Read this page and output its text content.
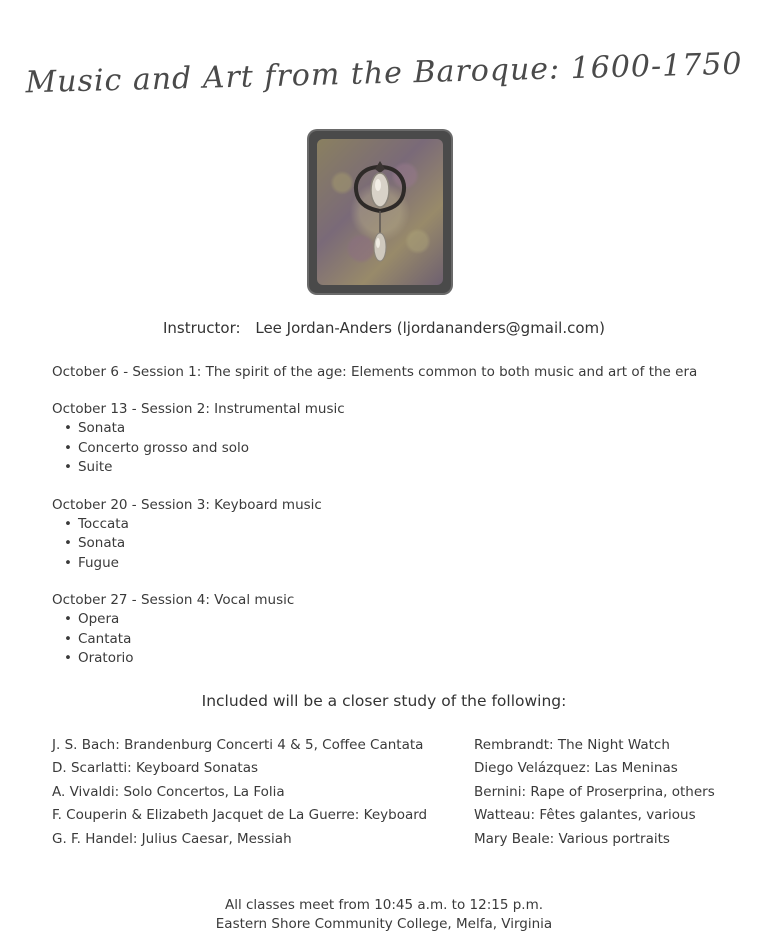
Music and Art from the Baroque: 1600-1750
Instructor: Lee Jordan-Anders (ljordananders@gmail.com)
October 6 - Session 1: The spirit of the age: Elements common to both music and art of the era
October 13 - Session 2: Instrumental music
• Sonata
• Concerto grosso and solo
• Suite
October 20 - Session 3: Keyboard music
• Toccata
• Sonata
• Fugue
October 27 - Session 4: Vocal music
• Opera
• Cantata
• Oratorio
Included will be a closer study of the following:
J. S. Bach: Brandenburg Concerti 4 & 5, Coffee Cantata
D. Scarlatti: Keyboard Sonatas
A. Vivaldi: Solo Concertos, La Folia
F. Couperin & Elizabeth Jacquet de La Guerre: Keyboard
G. F. Handel: Julius Caesar, Messiah
Rembrandt: The Night Watch
Diego Velázquez: Las Meninas
Bernini: Rape of Proserprina, others
Watteau: Fêtes galantes, various
Mary Beale: Various portraits
All classes meet from 10:45 a.m. to 12:15 p.m.
Eastern Shore Community College, Melfa, Virginia
